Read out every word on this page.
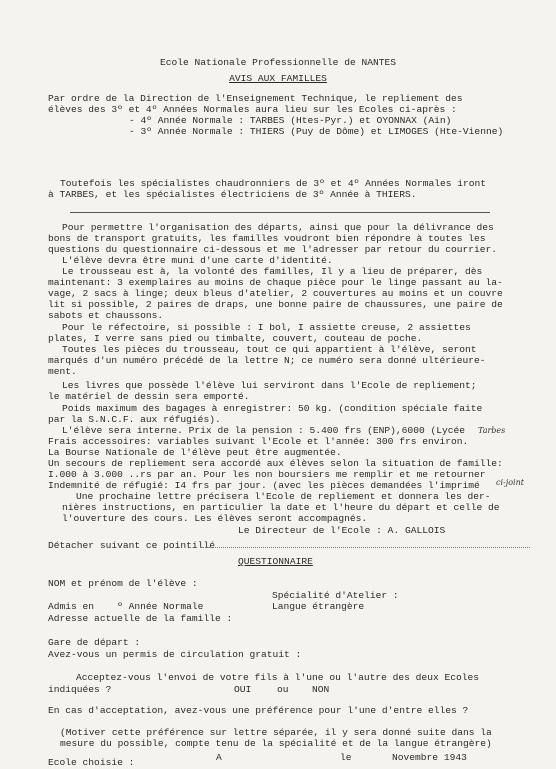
Ecole Nationale Professionnelle de NANTES
AVIS AUX FAMILLES
Par ordre de la Direction de l'Enseignement Technique, le repliement des
élèves des 3º et 4º Années Normales aura lieu sur les Ecoles ci-après :
- 4º Année Normale : TARBES (Htes-Pyr.) et OYONNAX (Ain)
- 3º Année Normale : THIERS (Puy de Dôme) et LIMOGES (Hte-Vienne)
Toutefois les spécialistes chaudronniers de 3º et 4º Années Normales iront
à TARBES, et les spécialistes électriciens de 3º Année à THIERS.
Pour permettre l'organisation des départs, ainsi que pour la délivrance des
bons de transport gratuits, les familles voudront bien répondre à toutes les
questions du questionnaire ci-dessous et me l'adresser par retour du courrier.
L'élève devra être muni d'une carte d'identité.
Le trousseau est à, la volonté des familles, Il y a lieu de préparer, dès
maintenant: 3 exemplaires au moins de chaque pièce pour le linge passant au la-
vage, 2 sacs à linge; deux bleus d'atelier, 2 couvertures au moins et un couvre
lit si possible, 2 paires de draps, une bonne paire de chaussures, une paire de
sabots et chaussons.
Pour le réfectoire, si possible : I bol, I assiette creuse, 2 assiettes
plates, I verre sans pied ou timbalte, couvert, couteau de poche.
Toutes les pièces du trousseau, tout ce qui appartient à l'élève, seront
marqués d'un numéro précédé de la lettre N; ce numéro sera donné ultérieure-
ment.
Les livres que possède l'élève lui serviront dans l'Ecole de repliement;
le matériel de dessin sera emporté.
Poids maximum des bagages à enregistrer: 50 kg. (condition spéciale faite
par la S.N.C.F. aux réfugiés).
L'élève sera interne. Prix de la pension : 5.400 frs (ENP),6000 (Lycée Tarbes
Frais accessoires: variables suivant l'Ecole et l'année: 300 frs environ.
La Bourse Nationale de l'élève peut être augmentée.
Un secours de repliement sera accordé aux élèves selon la situation de famille:
I.000 à 3.000 ..rs par an. Pour les non boursiers me remplir et me retourner
Indemnité de réfugié: I4 frs par jour. (avec les pièces demandées l'imprimé ci-joint
Une prochaine lettre précisera l'Ecole de repliement et donnera les der-
nières instructions, en particulier la date et l'heure du départ et celle de
l'ouverture des cours. Les élèves seront accompagnés.
Le Directeur de l'Ecole : A. GALLOIS
Détacher suivant ce pointillé
QUESTIONNAIRE
NOM et prénom de l'élève :
Spécialité d'Atelier :
Admis en    º Année Normale	Langue étrangère
Adresse actuelle de la famille :
Gare de départ :
Avez-vous un permis de circulation gratuit :
Acceptez-vous l'envoi de votre fils à l'une ou l'autre des deux Ecoles
indiquées ?	OUI	ou NON
En cas d'acceptation, avez-vous une préférence pour l'une d'entre elles ?
(Motiver cette préférence sur lettre séparée, il y sera donné suite dans la
mesure du possible, compte tenu de la spécialité et de la langue étrangère)
Ecole choisie :	A	le	Novembre 1943
